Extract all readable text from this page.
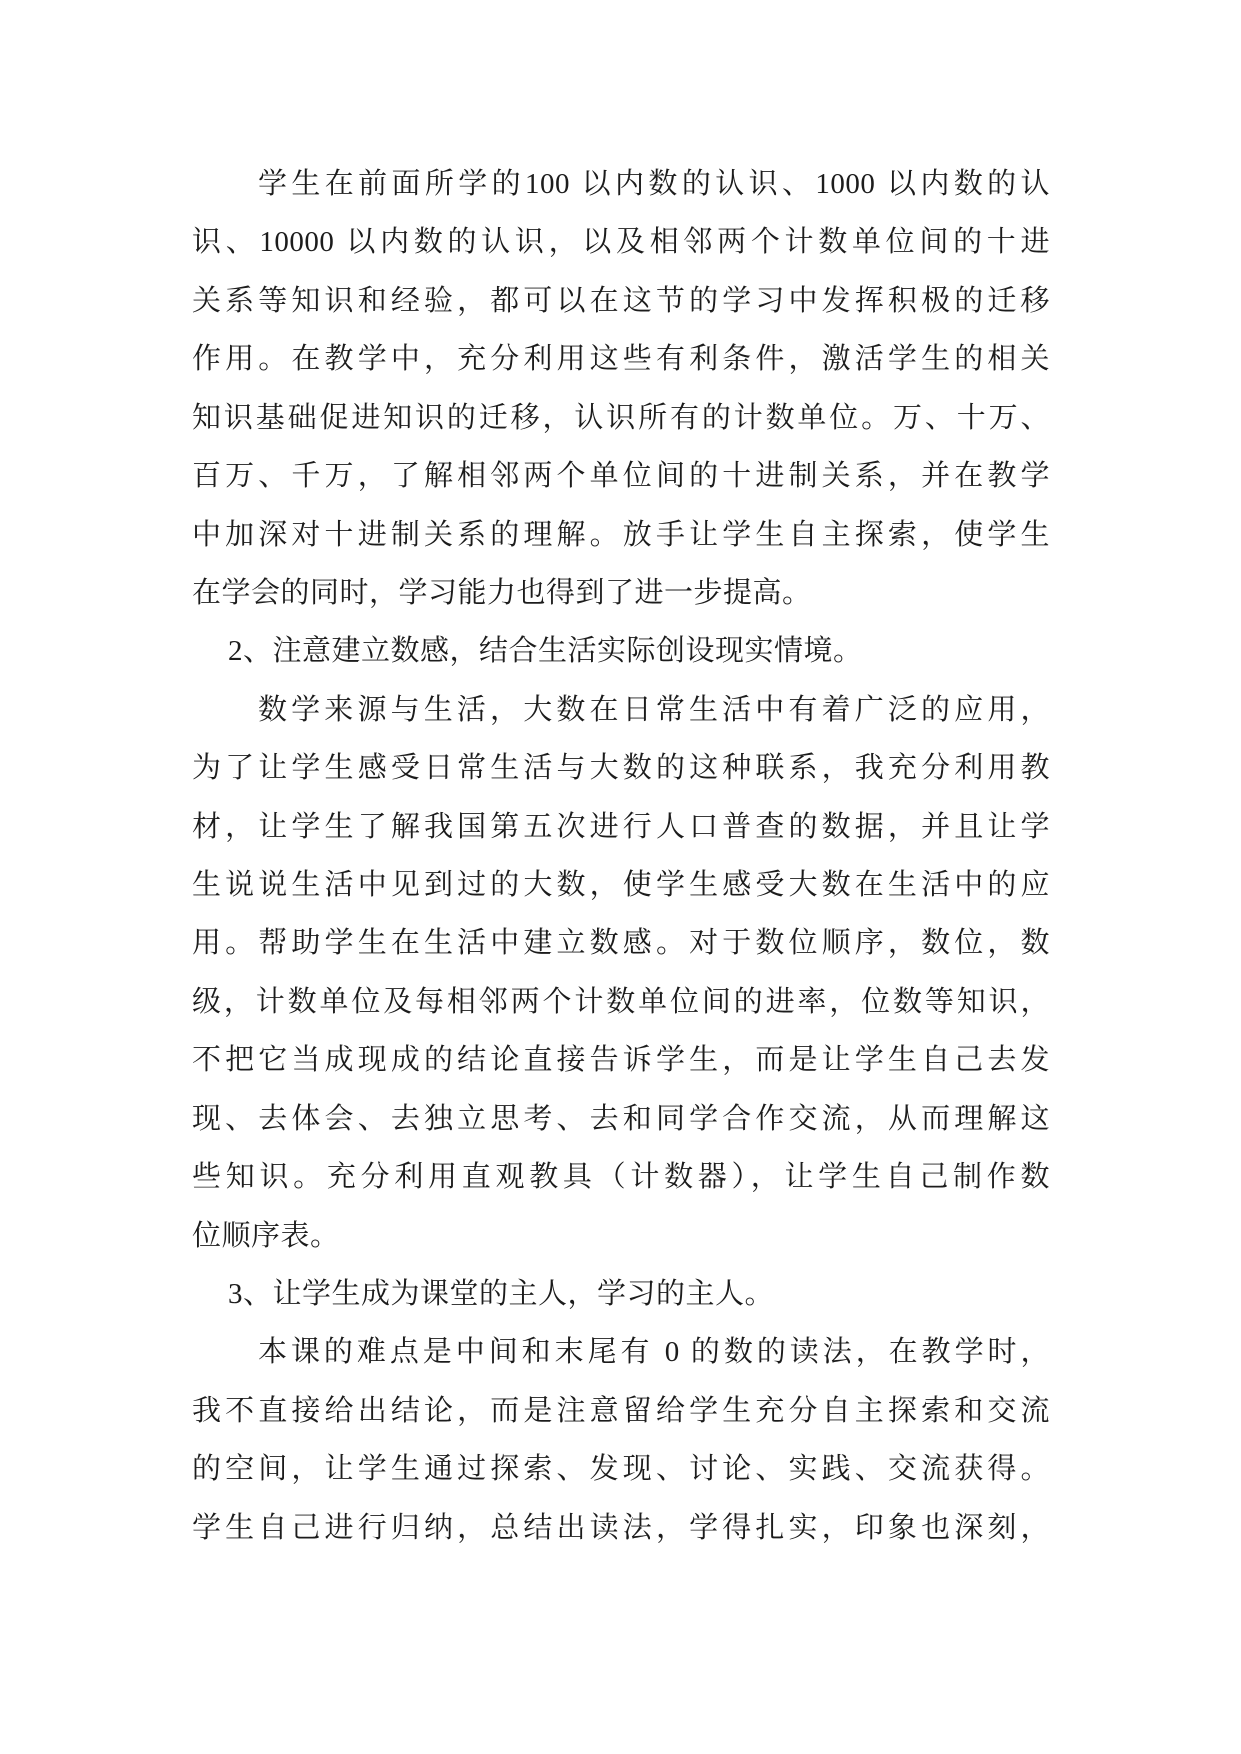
学生在前面所学的100 以内数的认识、1000 以内数的认
识、10000 以内数的认识，以及相邻两个计数单位间的十进
关系等知识和经验，都可以在这节的学习中发挥积极的迁移
作用。在教学中，充分利用这些有利条件，激活学生的相关
知识基础促进知识的迁移，认识所有的计数单位。万、十万、
百万、千万，了解相邻两个单位间的十进制关系，并在教学
中加深对十进制关系的理解。放手让学生自主探索，使学生
在学会的同时，学习能力也得到了进一步提高。
2、注意建立数感，结合生活实际创设现实情境。
数学来源与生活，大数在日常生活中有着广泛的应用，
为了让学生感受日常生活与大数的这种联系，我充分利用教
材，让学生了解我国第五次进行人口普查的数据，并且让学
生说说生活中见到过的大数，使学生感受大数在生活中的应
用。帮助学生在生活中建立数感。对于数位顺序，数位，数
级，计数单位及每相邻两个计数单位间的进率，位数等知识，
不把它当成现成的结论直接告诉学生，而是让学生自己去发
现、去体会、去独立思考、去和同学合作交流，从而理解这
些知识。充分利用直观教具（计数器），让学生自己制作数
位顺序表。
3、让学生成为课堂的主人，学习的主人。
本课的难点是中间和末尾有 0 的数的读法，在教学时，
我不直接给出结论，而是注意留给学生充分自主探索和交流
的空间，让学生通过探索、发现、讨论、实践、交流获得。
学生自己进行归纳，总结出读法，学得扎实，印象也深刻，
